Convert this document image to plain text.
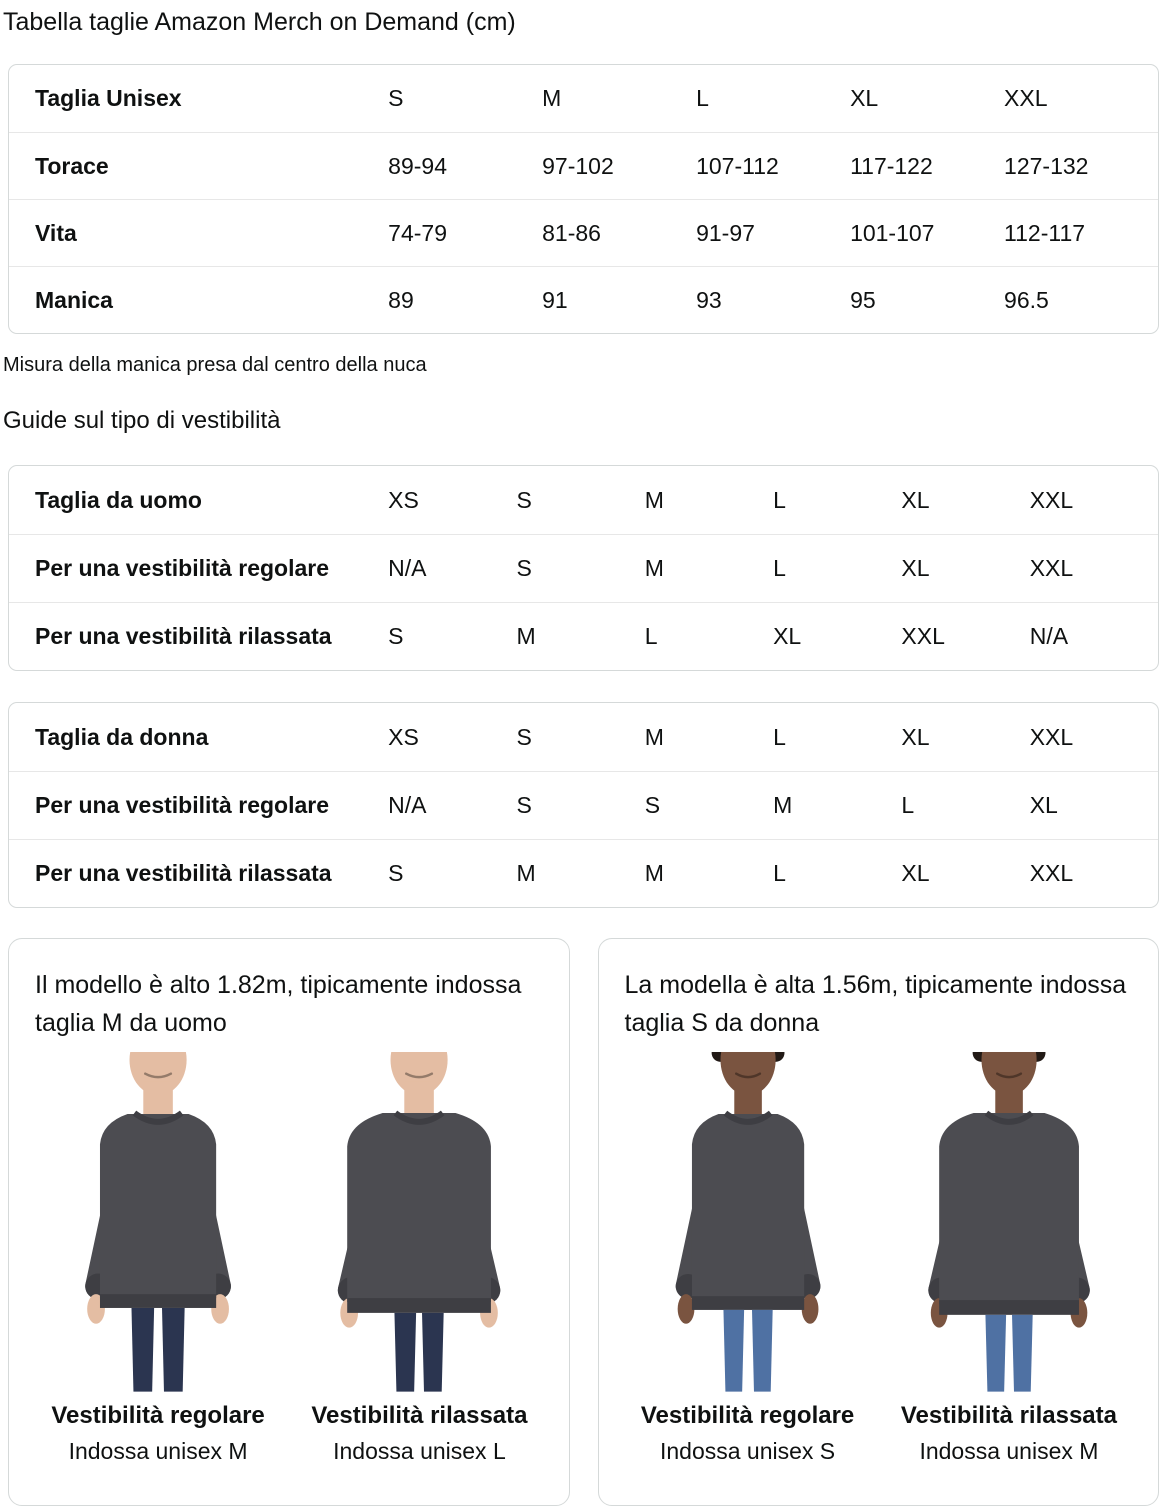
Tabella taglie Amazon Merch on Demand (cm)
Taglia Unisex	S	M	L	XL	XXL
Torace	89-94	97-102	107-112	117-122	127-132
Vita	74-79	81-86	91-97	101-107	112-117
Manica	89	91	93	95	96.5

Misura della manica presa dal centro della nuca

Guide sul tipo di vestibilità
Taglia da uomo	XS	S	M	L	XL	XXL
Per una vestibilità regolare	N/A	S	M	L	XL	XXL
Per una vestibilità rilassata	S	M	L	XL	XXL	N/A
Taglia da donna	XS	S	M	L	XL	XXL
Per una vestibilità regolare	N/A	S	S	M	L	XL
Per una vestibilità rilassata	S	M	M	L	XL	XXL

Il modello è alto 1.82m, tipicamente indossa taglia M da uomo

Vestibilità regolare
Indossa unisex M
Vestibilità rilassata
Indossa unisex L

La modella è alta 1.56m, tipicamente indossa taglia S da donna

Vestibilità regolare
Indossa unisex S
Vestibilità rilassata
Indossa unisex M
